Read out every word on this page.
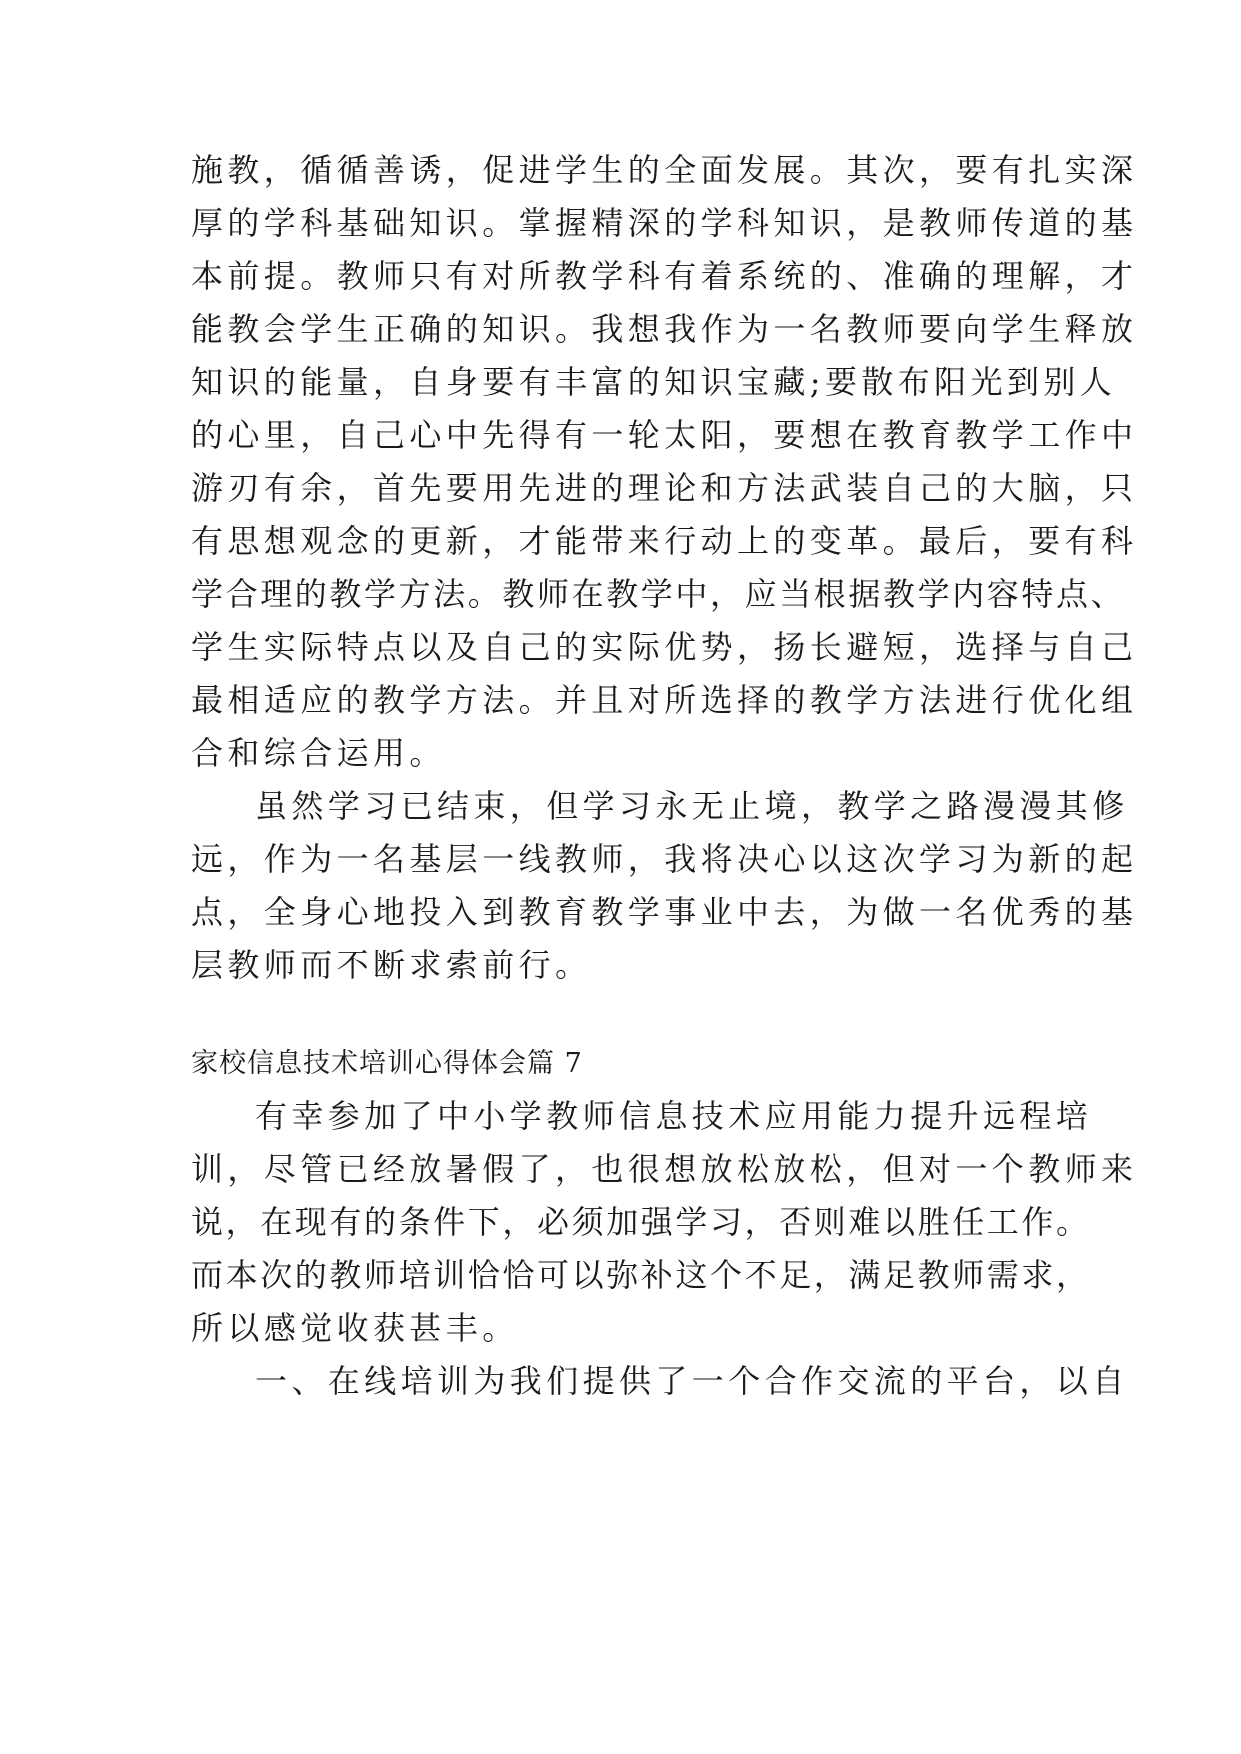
施教，循循善诱，促进学生的全面发展。其次，要有扎实深
厚的学科基础知识。掌握精深的学科知识，是教师传道的基
本前提。教师只有对所教学科有着系统的、准确的理解，才
能教会学生正确的知识。我想我作为一名教师要向学生释放
知识的能量，自身要有丰富的知识宝藏;要散布阳光到别人
的心里，自己心中先得有一轮太阳，要想在教育教学工作中
游刃有余，首先要用先进的理论和方法武装自己的大脑，只
有思想观念的更新，才能带来行动上的变革。最后，要有科
学合理的教学方法。教师在教学中，应当根据教学内容特点、
学生实际特点以及自己的实际优势，扬长避短，选择与自己
最相适应的教学方法。并且对所选择的教学方法进行优化组
合和综合运用。
虽然学习已结束，但学习永无止境，教学之路漫漫其修
远，作为一名基层一线教师，我将决心以这次学习为新的起
点，全身心地投入到教育教学事业中去，为做一名优秀的基
层教师而不断求索前行。
家校信息技术培训心得体会篇 7
有幸参加了中小学教师信息技术应用能力提升远程培
训，尽管已经放暑假了，也很想放松放松，但对一个教师来
说，在现有的条件下，必须加强学习，否则难以胜任工作。
而本次的教师培训恰恰可以弥补这个不足，满足教师需求，
所以感觉收获甚丰。
一、在线培训为我们提供了一个合作交流的平台，以自
